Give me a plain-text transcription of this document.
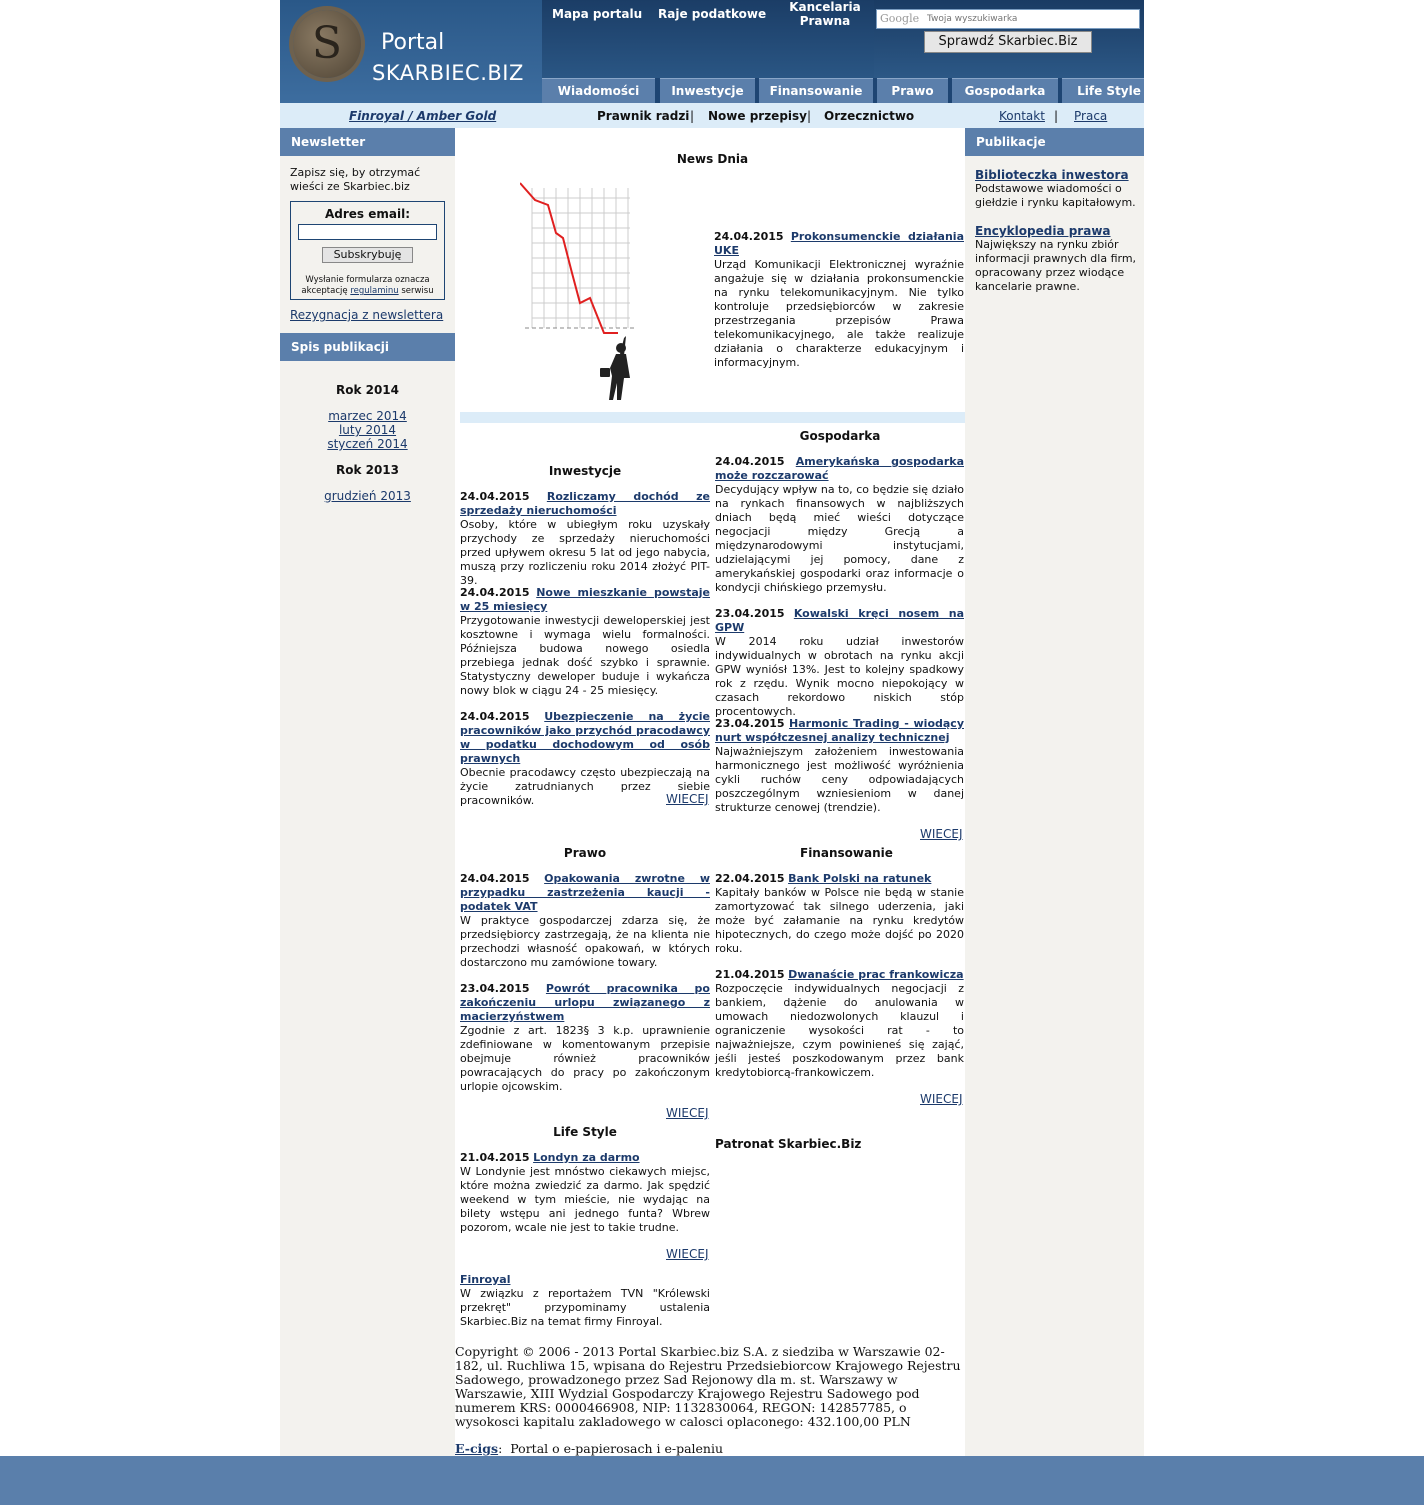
S	Portal
SKARBIEC.BIZ
Mapa portalu Raje podatkowe	Kancelaria
Prawna
Twoja wyszukiwarka	Google
Sprawdź Skarbiec.Biz
Wiadomości	Inwestycje	Finansowanie	Prawo	Gospodarka	Life Style
Finroyal / Amber Gold	Prawnik radzi | Nowe przepisy | Orzecznictwo	Kontakt | Praca
Newsletter
Zapisz się, by otrzymać wieści ze Skarbiec.biz
Adres email:
Subskrybuję
Wysłanie formularza oznacza akceptację regulaminu serwisu
Rezygnacja z newslettera
Spis publikacji
Rok 2014
marzec 2014
luty 2014
styczeń 2014
Rok 2013
grudzień 2013
Publikacje
Biblioteczka inwestora
Podstawowe wiadomości o giełdzie i rynku kapitałowym.
Encyklopedia prawa
Największy na rynku zbiór informacji prawnych dla firm, opracowany przez wiodące kancelarie prawne.
News Dnia
24.04.2015 Prokonsumenckie działania UKE
Urząd Komunikacji Elektronicznej wyraźnie angażuje się w działania prokonsumenckie na rynku telekomunikacyjnym. Nie tylko kontroluje przedsiębiorców w zakresie przestrzegania przepisów Prawa telekomunikacyjnego, ale także realizuje działania o charakterze edukacyjnym i informacyjnym.
Inwestycje
24.04.2015 Rozliczamy dochód ze sprzedaży nieruchomości
Osoby, które w ubiegłym roku uzyskały przychody ze sprzedaży nieruchomości przed upływem okresu 5 lat od jego nabycia, muszą przy rozliczeniu roku 2014 złożyć PIT-39.
24.04.2015 Nowe mieszkanie powstaje w 25 miesięcy
Przygotowanie inwestycji deweloperskiej jest kosztowne i wymaga wielu formalności. Późniejsza budowa nowego osiedla przebiega jednak dość szybko i sprawnie. Statystyczny deweloper buduje i wykańcza nowy blok w ciągu 24 - 25 miesięcy.
24.04.2015 Ubezpieczenie na życie pracowników jako przychód pracodawcy w podatku dochodowym od osób prawnych
Obecnie pracodawcy często ubezpieczają na życie zatrudnianych przez siebie pracowników.	WIECEJ
Gospodarka
24.04.2015 Amerykańska gospodarka może rozczarować
Decydujący wpływ na to, co będzie się działo na rynkach finansowych w najbliższych dniach będą mieć wieści dotyczące negocjacji między Grecją a międzynarodowymi instytucjami, udzielającymi jej pomocy, dane z amerykańskiej gospodarki oraz informacje o kondycji chińskiego przemysłu.
23.04.2015 Kowalski kręci nosem na GPW
W 2014 roku udział inwestorów indywidualnych w obrotach na rynku akcji GPW wyniósł 13%. Jest to kolejny spadkowy rok z rzędu. Wynik mocno niepokojący w czasach rekordowo niskich stóp procentowych.
23.04.2015 Harmonic Trading - wiodący nurt współczesnej analizy technicznej
Najważniejszym założeniem inwestowania harmonicznego jest możliwość wyróżnienia cykli ruchów ceny odpowiadających poszczególnym wzniesieniom w danej strukturze cenowej (trendzie).
WIECEJ
Prawo
24.04.2015 Opakowania zwrotne w przypadku zastrzeżenia kaucji - podatek VAT
W praktyce gospodarczej zdarza się, że przedsiębiorcy zastrzegają, że na klienta nie przechodzi własność opakowań, w których dostarczono mu zamówione towary.
23.04.2015 Powrót pracownika po zakończeniu urlopu związanego z macierzyństwem
Zgodnie z art. 1823§ 3 k.p. uprawnienie zdefiniowane w komentowanym przepisie obejmuje również pracowników powracających do pracy po zakończonym urlopie ojcowskim.
WIECEJ
Finansowanie
22.04.2015 Bank Polski na ratunek
Kapitały banków w Polsce nie będą w stanie zamortyzować tak silnego uderzenia, jaki może być załamanie na rynku kredytów hipotecznych, do czego może dojść po 2020 roku.
21.04.2015 Dwanaście prac frankowicza
Rozpoczęcie indywidualnych negocjacji z bankiem, dążenie do anulowania w umowach niedozwolonych klauzul i ograniczenie wysokości rat - to najważniejsze, czym powinieneś się zająć, jeśli jesteś poszkodowanym przez bank kredytobiorcą-frankowiczem.
WIECEJ
Life Style
21.04.2015 Londyn za darmo
W Londynie jest mnóstwo ciekawych miejsc, które można zwiedzić za darmo. Jak spędzić weekend w tym mieście, nie wydając na bilety wstępu ani jednego funta? Wbrew pozorom, wcale nie jest to takie trudne.
WIECEJ
Finroyal
W związku z reportażem TVN "Królewski przekręt" przypominamy ustalenia Skarbiec.Biz na temat firmy Finroyal.
Patronat Skarbiec.Biz
Copyright © 2006 - 2013 Portal Skarbiec.biz S.A. z siedziba w Warszawie 02-182, ul. Ruchliwa 15, wpisana do Rejestru Przedsiebiorcow Krajowego Rejestru Sadowego, prowadzonego przez Sad Rejonowy dla m. st. Warszawy w Warszawie, XIII Wydzial Gospodarczy Krajowego Rejestru Sadowego pod numerem KRS: 0000466908, NIP: 1132830064, REGON: 142857785, o wysokosci kapitalu zakladowego w calosci oplaconego: 432.100,00 PLN
E-cigs:  Portal o e-papierosach i e-paleniu
